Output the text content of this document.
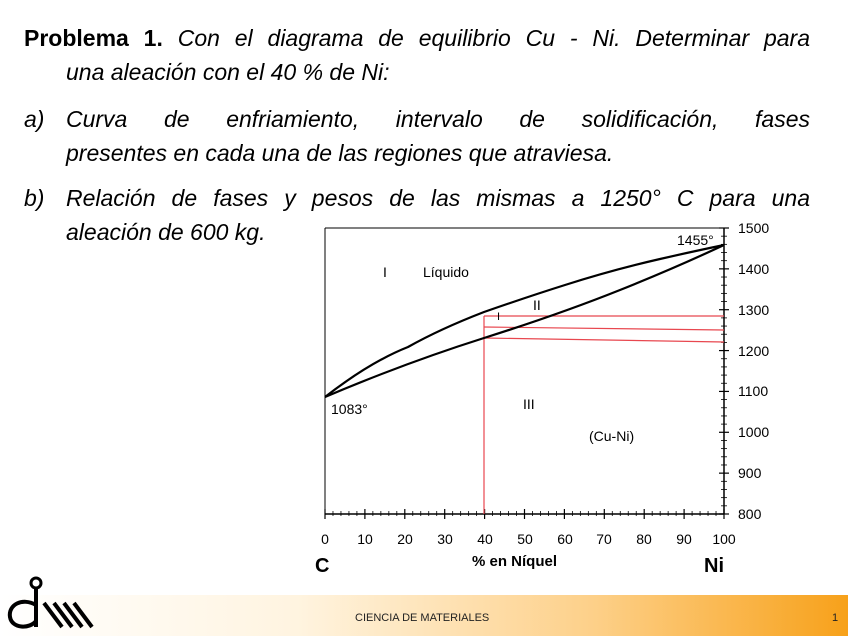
Problema 1. Con el diagrama de equilibrio Cu - Ni. Determinar para
una aleación con el 40 % de Ni:
a) Curva de enfriamiento, intervalo de solidificación, fases
presentes en cada una de las regiones que atraviesa.
b) Relación de fases y pesos de las mismas a 1250° C para una
aleación de 600 kg.	1455°
1083°
I	Líquido
II
I
III
(Cu-Ni)
0 10 20 30 40 50 60 70 80 90 100
1500
1400
1300
1200
1100
1000
900
800
% en Níquel
C	Ni
dm
CIENCIA DE MATERIALES	1
